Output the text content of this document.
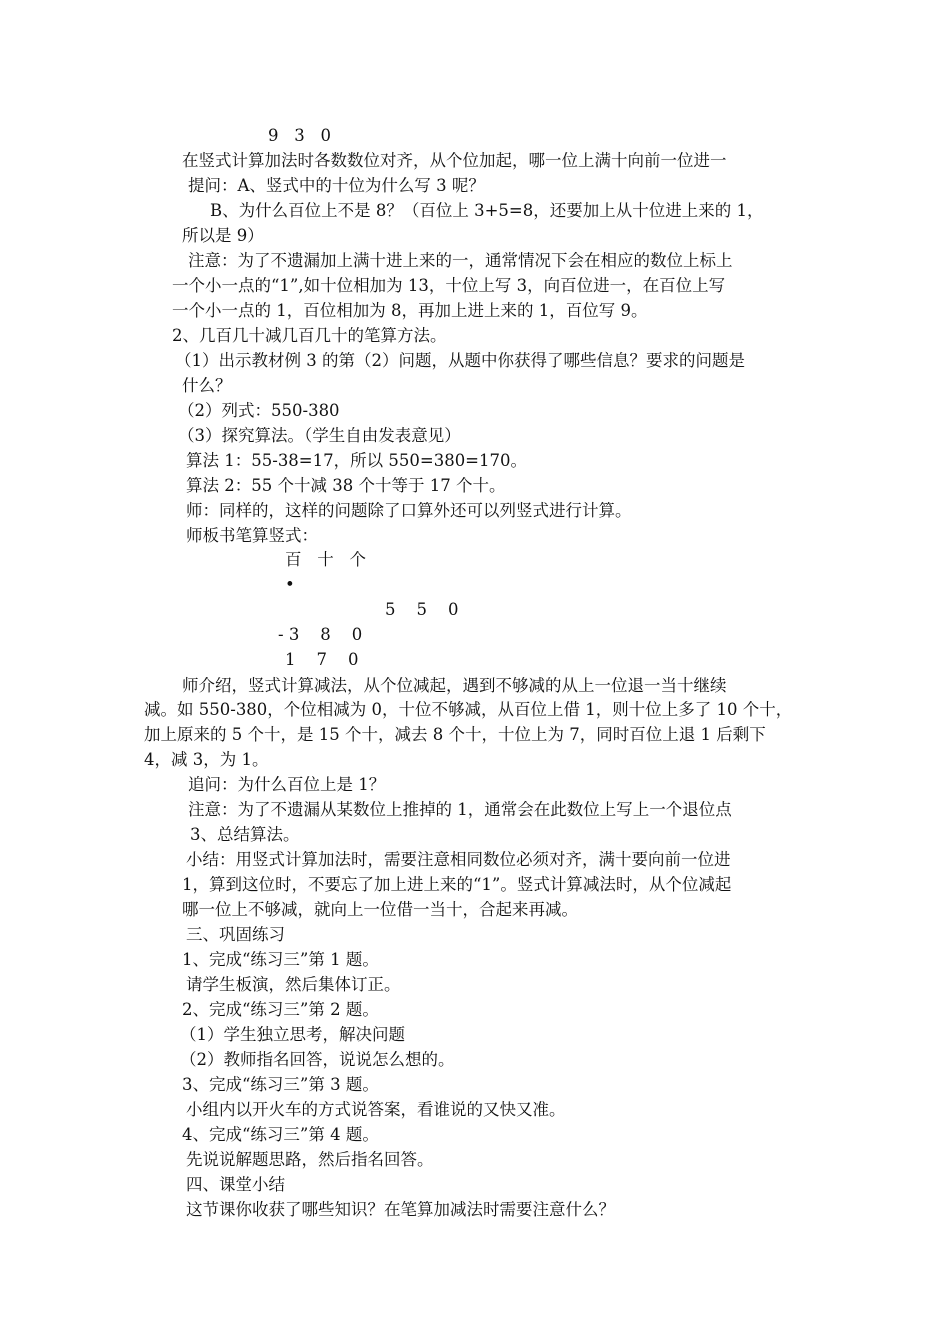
9   3   0
在竖式计算加法时各数数位对齐，从个位加起，哪一位上满十向前一位进一
提问：A、竖式中的十位为什么写 3 呢？
B、为什么百位上不是 8？（百位上 3+5=8，还要加上从十位进上来的 1，
所以是 9）
注意：为了不遗漏加上满十进上来的一，通常情况下会在相应的数位上标上
一个小一点的“1”,如十位相加为 13，十位上写 3，向百位进一，在百位上写
一个小一点的 1，百位相加为 8，再加上进上来的 1，百位写 9。
2、几百几十减几百几十的笔算方法。
（1）出示教材例 3 的第（2）问题，从题中你获得了哪些信息？要求的问题是
什么？
（2）列式：550-380
（3）探究算法。（学生自由发表意见）
算法 1：55-38=17，所以 550=380=170。
算法 2：55 个十减 38 个十等于 17 个十。
师：同样的，这样的问题除了口算外还可以列竖式进行计算。
师板书笔算竖式：
百   十   个
•
5    5    0
- 3    8    0
1    7    0
师介绍，竖式计算减法，从个位减起，遇到不够减的从上一位退一当十继续
减。如 550-380，个位相减为 0，十位不够减，从百位上借 1，则十位上多了 10 个十，
加上原来的 5 个十，是 15 个十，减去 8 个十，十位上为 7，同时百位上退 1 后剩下
4，减 3，为 1。
追问：为什么百位上是 1？
注意：为了不遗漏从某数位上推掉的 1，通常会在此数位上写上一个退位点
3、总结算法。
小结：用竖式计算加法时，需要注意相同数位必须对齐，满十要向前一位进
1，算到这位时，不要忘了加上进上来的“1”。竖式计算减法时，从个位减起
哪一位上不够减，就向上一位借一当十，合起来再减。
三、巩固练习
1、完成“练习三”第 1 题。
请学生板演，然后集体订正。
2、完成“练习三”第 2 题。
（1）学生独立思考，解决问题
（2）教师指名回答，说说怎么想的。
3、完成“练习三”第 3 题。
小组内以开火车的方式说答案，看谁说的又快又准。
4、完成“练习三”第 4 题。
先说说解题思路，然后指名回答。
四、课堂小结
这节课你收获了哪些知识？在笔算加减法时需要注意什么？
